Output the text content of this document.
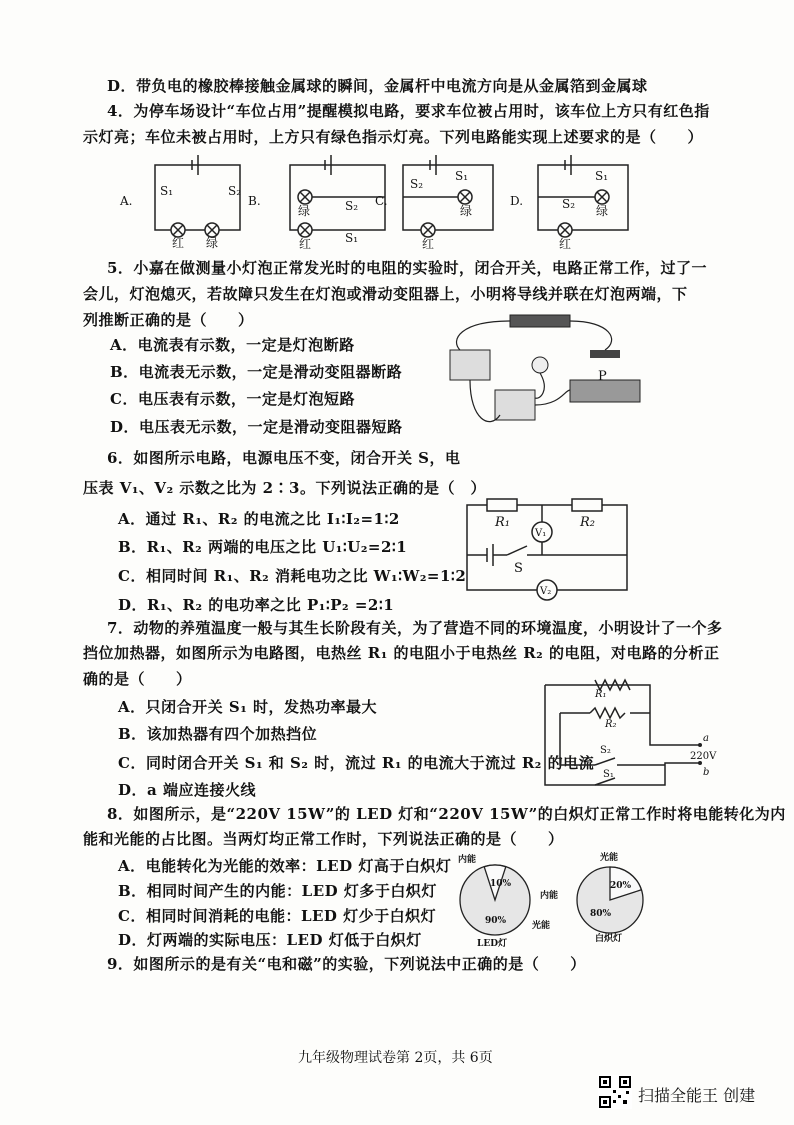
D．带负电的橡胶棒接触金属球的瞬间，金属杆中电流方向是从金属箔到金属球
4．为停车场设计“车位占用”提醒模拟电路，要求车位被占用时，该车位上方只有红色指
示灯亮；车位未被占用时，上方只有绿色指示灯亮。下列电路能实现上述要求的是（　　）
A.
S₁	S₂
红 绿
B.	S₂
S₁
绿
红
C.
S₂
S₁
绿
红
D.
S₁
S₂ 绿
红
5．小嘉在做测量小灯泡正常发光时的电阻的实验时，闭合开关，电路正常工作，过了一
会儿，灯泡熄灭，若故障只发生在灯泡或滑动变阻器上，小明将导线并联在灯泡两端，下
列推断正确的是（　　）
A．电流表有示数，一定是灯泡断路
B．电流表无示数，一定是滑动变阻器断路
C．电压表有示数，一定是灯泡短路
D．电压表无示数，一定是滑动变阻器短路
P
6．如图所示电路，电源电压不变，闭合开关 S，电
压表 V₁、V₂ 示数之比为 2∶3。下列说法正确的是（　）
A．通过 R₁、R₂ 的电流之比 I₁∶I₂=1∶2
B．R₁、R₂ 两端的电压之比 U₁∶U₂=2∶1
C．相同时间 R₁、R₂ 消耗电功之比 W₁∶W₂=1∶2
D．R₁、R₂ 的电功率之比 P₁∶P₂ =2∶1
R₁	R₂
V₁
V₂
S
7．动物的养殖温度一般与其生长阶段有关，为了营造不同的环境温度，小明设计了一个多
挡位加热器，如图所示为电路图，电热丝 R₁ 的电阻小于电热丝 R₂ 的电阻，对电路的分析正
确的是（　　）
A．只闭合开关 S₁ 时，发热功率最大
B．该加热器有四个加热挡位
C．同时闭合开关 S₁ 和 S₂ 时，流过 R₁ 的电流大于流过 R₂ 的电流
D．a 端应连接火线
R₁
R₂
S₂
S₁
a
220V
b
8．如图所示，是“220V 15W”的 LED 灯和“220V 15W”的白炽灯正常工作时将电能转化为内
能和光能的占比图。当两灯均正常工作时，下列说法正确的是（　　）
A．电能转化为光能的效率：LED 灯高于白炽灯
B．相同时间产生的内能：LED 灯多于白炽灯
C．相同时间消耗的电能：LED 灯少于白炽灯
D．灯两端的实际电压：LED 灯低于白炽灯
内能
10%
90%	光能
LED灯
光能
20%
内能
80%
白炽灯
9．如图所示的是有关“电和磁”的实验，下列说法中正确的是（　　）
九年级物理试卷第 2页，共 6页
扫描全能王 创建
